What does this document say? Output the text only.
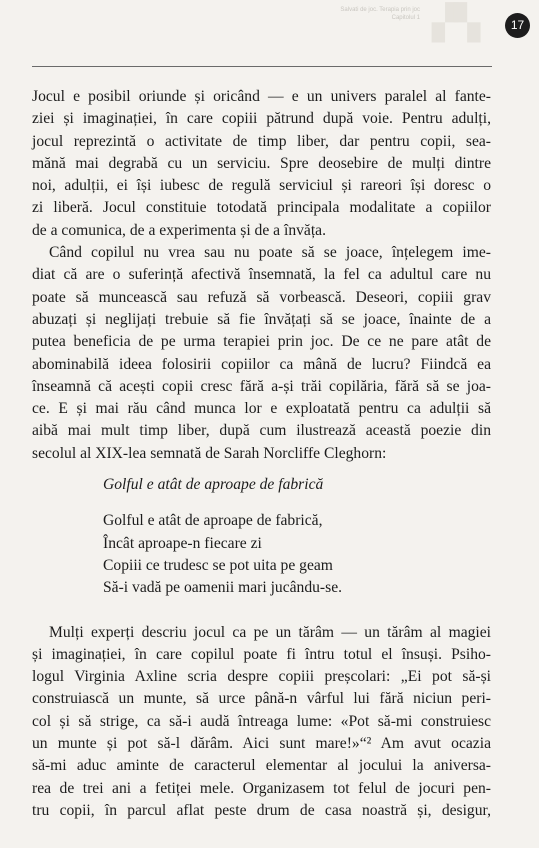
Salvati de joc. Terapia prin joc
Capitolul 1 ▞▚	17
Jocul e posibil oriunde și oricând — e un univers paralel al fante-
ziei și imaginației, în care copiii pătrund după voie. Pentru adulți,
jocul reprezintă o activitate de timp liber, dar pentru copii, sea-
mănă mai degrabă cu un serviciu. Spre deosebire de mulți dintre
noi, adulții, ei își iubesc de regulă serviciul și rareori își doresc o
zi liberă. Jocul constituie totodată principala modalitate a copiilor
de a comunica, de a experimenta și de a învăța.
Când copilul nu vrea sau nu poate să se joace, înțelegem ime-
diat că are o suferință afectivă însemnată, la fel ca adultul care nu
poate să muncească sau refuză să vorbească. Deseori, copiii grav
abuzați și neglijați trebuie să fie învățați să se joace, înainte de a
putea beneficia de pe urma terapiei prin joc. De ce ne pare atât de
abominabilă ideea folosirii copiilor ca mână de lucru? Fiindcă ea
înseamnă că acești copii cresc fără a-și trăi copilăria, fără să se joa-
ce. E și mai rău când munca lor e exploatată pentru ca adulții să
aibă mai mult timp liber, după cum ilustrează această poezie din
secolul al XIX-lea semnată de Sarah Norcliffe Cleghorn:
Golful e atât de aproape de fabrică
Golful e atât de aproape de fabrică,
Încât aproape-n fiecare zi
Copiii ce trudesc se pot uita pe geam
Să-i vadă pe oamenii mari jucându-se.
Mulți experți descriu jocul ca pe un tărâm — un tărâm al magiei
și imaginației, în care copilul poate fi întru totul el însuși. Psiho-
logul Virginia Axline scria despre copiii preșcolari: „Ei pot să-și
construiască un munte, să urce până-n vârful lui fără niciun peri-
col și să strige, ca să-i audă întreaga lume: «Pot să-mi construiesc
un munte și pot să-l dărâm. Aici sunt mare!»“² Am avut ocazia
să-mi aduc aminte de caracterul elementar al jocului la aniversa-
rea de trei ani a fetiței mele. Organizasem tot felul de jocuri pen-
tru copii, în parcul aflat peste drum de casa noastră și, desigur,
